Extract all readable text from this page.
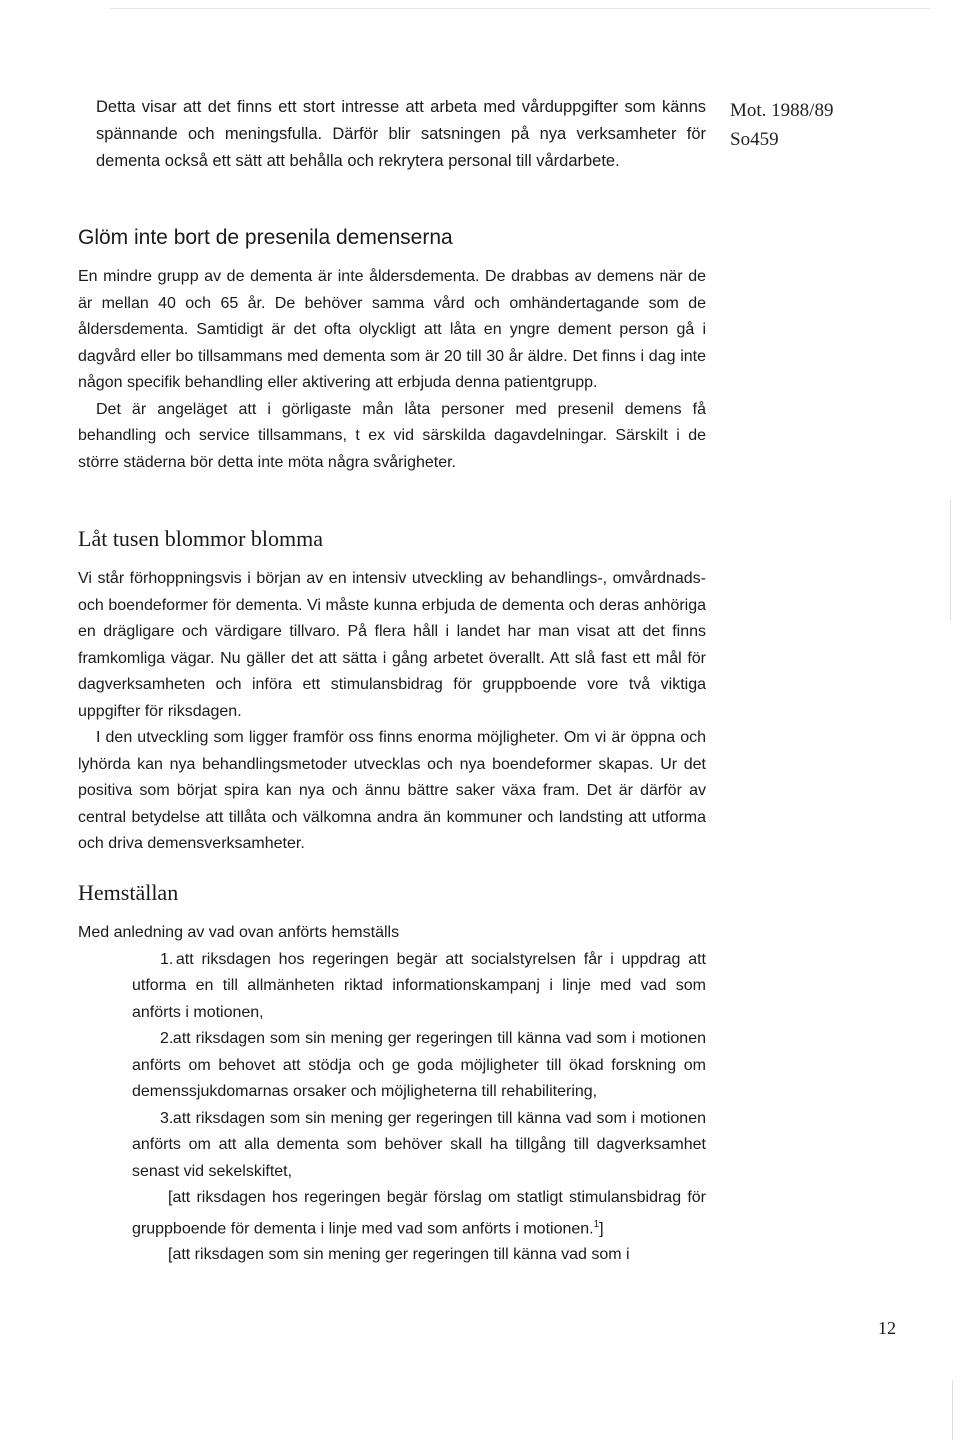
Mot. 1988/89
So459

Detta visar att det finns ett stort intresse att arbeta med vårduppgifter som känns spännande och meningsfulla. Därför blir satsningen på nya verksamheter för dementa också ett sätt att behålla och rekrytera personal till vårdarbete.

Glöm inte bort de presenila demenserna

En mindre grupp av de dementa är inte åldersdementa. De drabbas av demens när de är mellan 40 och 65 år. De behöver samma vård och omhändertagande som de åldersdementa. Samtidigt är det ofta olyckligt att låta en yngre dement person gå i dagvård eller bo tillsammans med dementa som är 20 till 30 år äldre. Det finns i dag inte någon specifik behandling eller aktivering att erbjuda denna patientgrupp.

Det är angeläget att i görligaste mån låta personer med presenil demens få behandling och service tillsammans, t ex vid särskilda dagavdelningar. Särskilt i de större städerna bör detta inte möta några svårigheter.

Låt tusen blommor blomma

Vi står förhoppningsvis i början av en intensiv utveckling av behandlings-, omvårdnads- och boendeformer för dementa. Vi måste kunna erbjuda de dementa och deras anhöriga en drägligare och värdigare tillvaro. På flera håll i landet har man visat att det finns framkomliga vägar. Nu gäller det att sätta i gång arbetet överallt. Att slå fast ett mål för dagverksamheten och införa ett stimulansbidrag för gruppboende vore två viktiga uppgifter för riksdagen.

I den utveckling som ligger framför oss finns enorma möjligheter. Om vi är öppna och lyhörda kan nya behandlingsmetoder utvecklas och nya boendeformer skapas. Ur det positiva som börjat spira kan nya och ännu bättre saker växa fram. Det är därför av central betydelse att tillåta och välkomna andra än kommuner och landsting att utforma och driva demensverksamheter.

Hemställan

Med anledning av vad ovan anförts hemställs

1. att riksdagen hos regeringen begär att socialstyrelsen får i uppdrag att utforma en till allmänheten riktad informationskampanj i linje med vad som anförts i motionen,

2. att riksdagen som sin mening ger regeringen till känna vad som i motionen anförts om behovet att stödja och ge goda möjligheter till ökad forskning om demenssjukdomarnas orsaker och möjligheterna till rehabilitering,

3. att riksdagen som sin mening ger regeringen till känna vad som i motionen anförts om att alla dementa som behöver skall ha tillgång till dagverksamhet senast vid sekelskiftet,

[att riksdagen hos regeringen begär förslag om statligt stimulansbidrag för gruppboende för dementa i linje med vad som anförts i motionen.$^1$]

[att riksdagen som sin mening ger regeringen till känna vad som i

12
